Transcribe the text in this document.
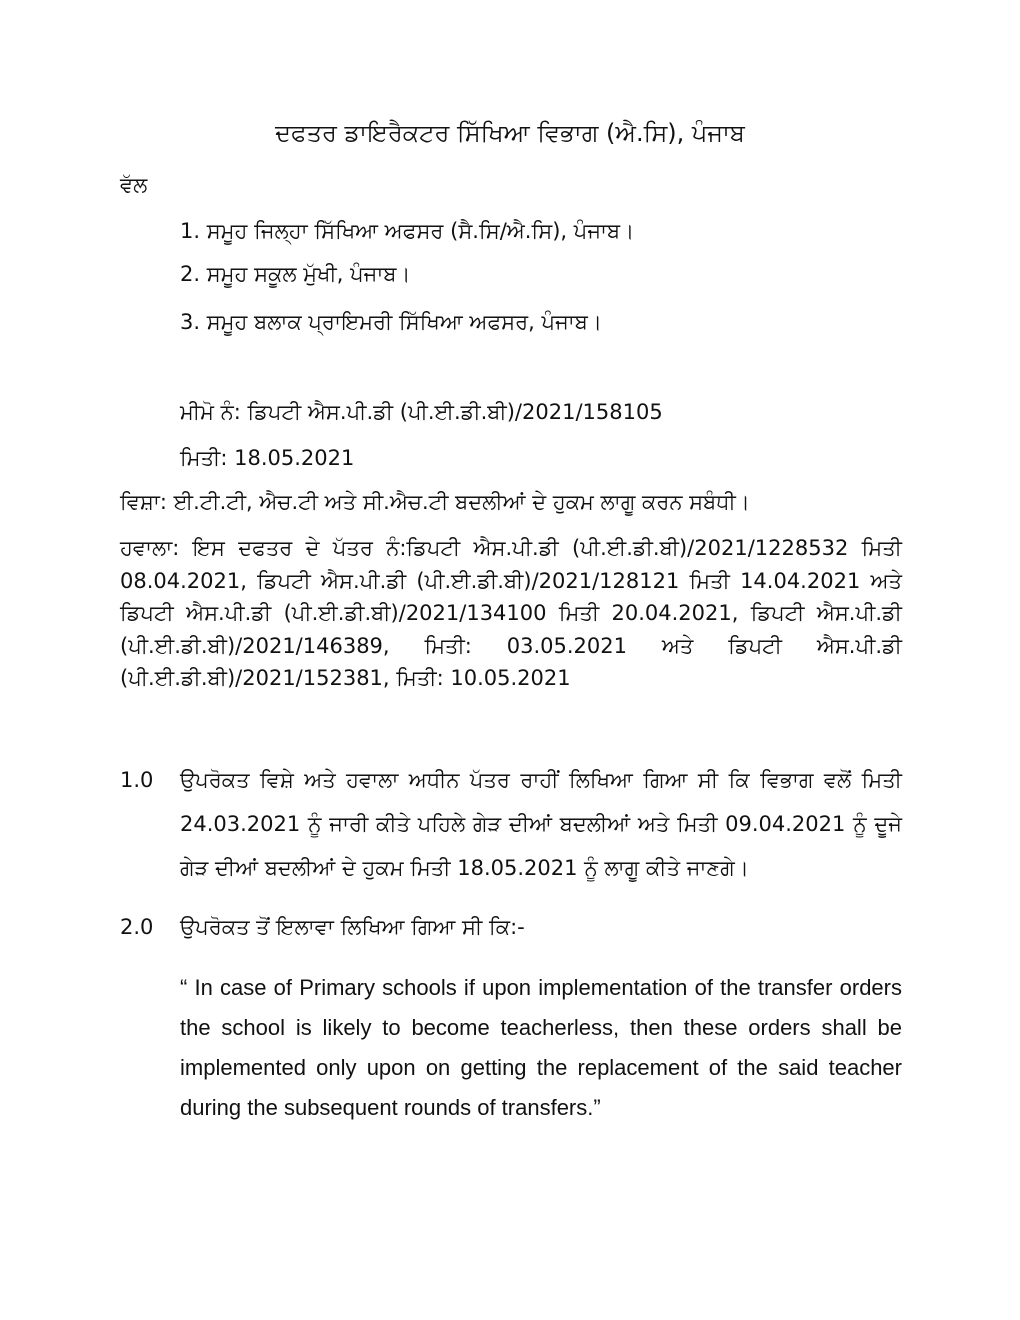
ਦਫਤਰ ਡਾਇਰੈਕਟਰ ਸਿੱਖਿਆ ਵਿਭਾਗ (ਐ.ਸਿ), ਪੰਜਾਬ
ਵੱਲ
1. ਸਮੂਹ ਜਿਲ੍ਹਾ ਸਿੱਖਿਆ ਅਫਸਰ (ਸੈ.ਸਿ/ਐ.ਸਿ), ਪੰਜਾਬ।
2. ਸਮੂਹ ਸਕੂਲ ਮੁੱਖੀ, ਪੰਜਾਬ।
3. ਸਮੂਹ ਬਲਾਕ ਪ੍ਰਾਇਮਰੀ ਸਿੱਖਿਆ ਅਫਸਰ, ਪੰਜਾਬ।
ਮੀਮੋ ਨੰ: ਡਿਪਟੀ ਐਸ.ਪੀ.ਡੀ (ਪੀ.ਈ.ਡੀ.ਬੀ)/2021/158105
ਮਿਤੀ: 18.05.2021
ਵਿਸ਼ਾ: ਈ.ਟੀ.ਟੀ, ਐਚ.ਟੀ ਅਤੇ ਸੀ.ਐਚ.ਟੀ ਬਦਲੀਆਂ ਦੇ ਹੁਕਮ ਲਾਗੂ ਕਰਨ ਸਬੰਧੀ।
ਹਵਾਲਾ: ਇਸ ਦਫਤਰ ਦੇ ਪੱਤਰ ਨੰ:ਡਿਪਟੀ ਐਸ.ਪੀ.ਡੀ (ਪੀ.ਈ.ਡੀ.ਬੀ)/2021/1228532 ਮਿਤੀ
08.04.2021, ਡਿਪਟੀ ਐਸ.ਪੀ.ਡੀ (ਪੀ.ਈ.ਡੀ.ਬੀ)/2021/128121 ਮਿਤੀ 14.04.2021 ਅਤੇ
ਡਿਪਟੀ ਐਸ.ਪੀ.ਡੀ (ਪੀ.ਈ.ਡੀ.ਬੀ)/2021/134100 ਮਿਤੀ 20.04.2021, ਡਿਪਟੀ ਐਸ.ਪੀ.ਡੀ
(ਪੀ.ਈ.ਡੀ.ਬੀ)/2021/146389, ਮਿਤੀ: 03.05.2021 ਅਤੇ ਡਿਪਟੀ ਐਸ.ਪੀ.ਡੀ
(ਪੀ.ਈ.ਡੀ.ਬੀ)/2021/152381, ਮਿਤੀ: 10.05.2021
1.0 ਉਪਰੋਕਤ ਵਿਸ਼ੇ ਅਤੇ ਹਵਾਲਾ ਅਧੀਨ ਪੱਤਰ ਰਾਹੀਂ ਲਿਖਿਆ ਗਿਆ ਸੀ ਕਿ ਵਿਭਾਗ ਵਲੋਂ ਮਿਤੀ 24.03.2021 ਨੂੰ ਜਾਰੀ ਕੀਤੇ ਪਹਿਲੇ ਗੇੜ ਦੀਆਂ ਬਦਲੀਆਂ ਅਤੇ ਮਿਤੀ 09.04.2021 ਨੂੰ ਦੂਜੇ ਗੇੜ ਦੀਆਂ ਬਦਲੀਆਂ ਦੇ ਹੁਕਮ ਮਿਤੀ 18.05.2021 ਨੂੰ ਲਾਗੂ ਕੀਤੇ ਜਾਣਗੇ।
2.0 ਉਪਰੋਕਤ ਤੋਂ ਇਲਾਵਾ ਲਿਖਿਆ ਗਿਆ ਸੀ ਕਿ:-
“ In case of Primary schools if upon implementation of the transfer orders the school is likely to become teacherless, then these orders shall be implemented only upon on getting the replacement of the said teacher during the subsequent rounds of transfers.”
